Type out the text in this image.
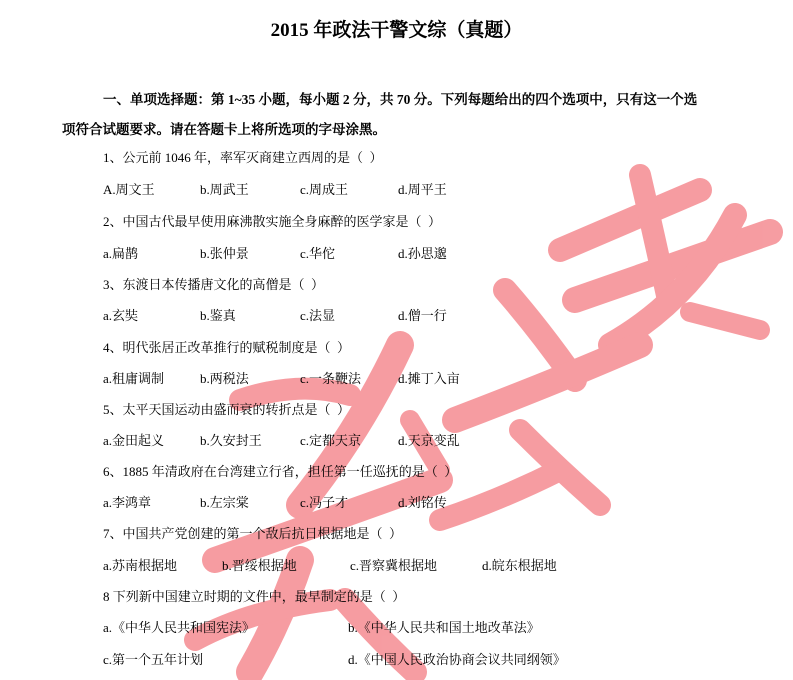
2015 年政法干警文综（真题）
一、单项选择题：第 1~35 小题，每小题 2 分，共 70 分。下列每题给出的四个选项中，只有这一个选
项符合试题要求。请在答题卡上将所选项的字母涂黑。
1、公元前 1046 年，率军灭商建立西周的是（  ）
A.周文王	b.周武王	c.周成王	d.周平王
2、中国古代最早使用麻沸散实施全身麻醉的医学家是（  ）
a.扁鹊	b.张仲景	c.华佗	d.孙思邈
3、东渡日本传播唐文化的高僧是（  ）
a.玄奘	b.鉴真	c.法显	d.僧一行
4、明代张居正改革推行的赋税制度是（  ）
a.租庸调制	b.两税法	c.一条鞭法	d.摊丁入亩
5、太平天国运动由盛而衰的转折点是（  ）
a.金田起义	b.久安封王	c.定都天京	d.天京变乱
6、1885 年清政府在台湾建立行省，担任第一任巡抚的是（  ）
a.李鸿章	b.左宗棠	c.冯子才	d.刘铭传
7、中国共产党创建的第一个敌后抗日根据地是（  ）
a.苏南根据地	b.晋绥根据地	c.晋察冀根据地	d.皖东根据地
8 下列新中国建立时期的文件中，最早制定的是（  ）
a.《中华人民共和国宪法》	b.《中华人民共和国土地改革法》
c.第一个五年计划	d.《中国人民政治协商会议共同纲领》
